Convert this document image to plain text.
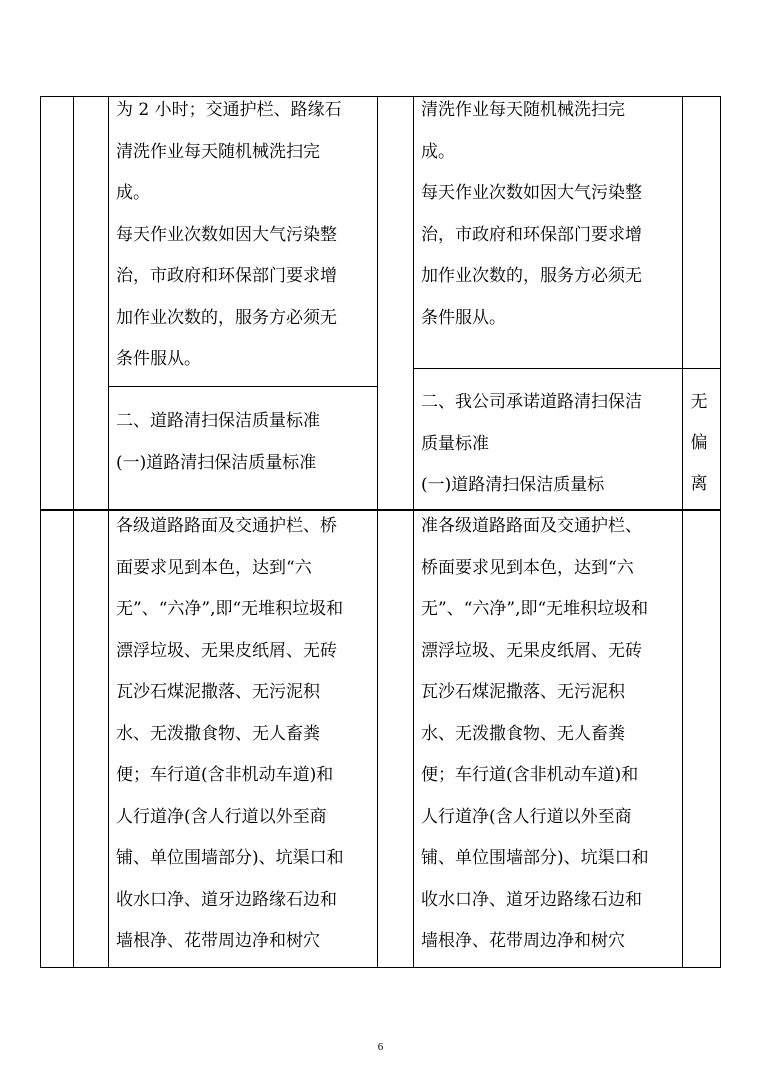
为 2 小时；交通护栏、路缘石
清洗作业每天随机械洗扫完
成。
每天作业次数如因大气污染整
治，市政府和环保部门要求增
加作业次数的，服务方必须无
条件服从。
二、道路清扫保洁质量标准
(一)道路清扫保洁质量标准
清洗作业每天随机械洗扫完
成。
每天作业次数如因大气污染整
治，市政府和环保部门要求增
加作业次数的，服务方必须无
条件服从。
二、我公司承诺道路清扫保洁
质量标准
(一)道路清扫保洁质量标
无
偏
离
各级道路路面及交通护栏、桥
面要求见到本色，达到“六
无”、“六净”,即“无堆积垃圾和
漂浮垃圾、无果皮纸屑、无砖
瓦沙石煤泥撒落、无污泥积
水、无泼撒食物、无人畜粪
便；车行道(含非机动车道)和
人行道净(含人行道以外至商
铺、单位围墙部分)、坑渠口和
收水口净、道牙边路缘石边和
墙根净、花带周边净和树穴
准各级道路路面及交通护栏、
桥面要求见到本色，达到“六
无”、“六净”,即“无堆积垃圾和
漂浮垃圾、无果皮纸屑、无砖
瓦沙石煤泥撒落、无污泥积
水、无泼撒食物、无人畜粪
便；车行道(含非机动车道)和
人行道净(含人行道以外至商
铺、单位围墙部分)、坑渠口和
收水口净、道牙边路缘石边和
墙根净、花带周边净和树穴
6
